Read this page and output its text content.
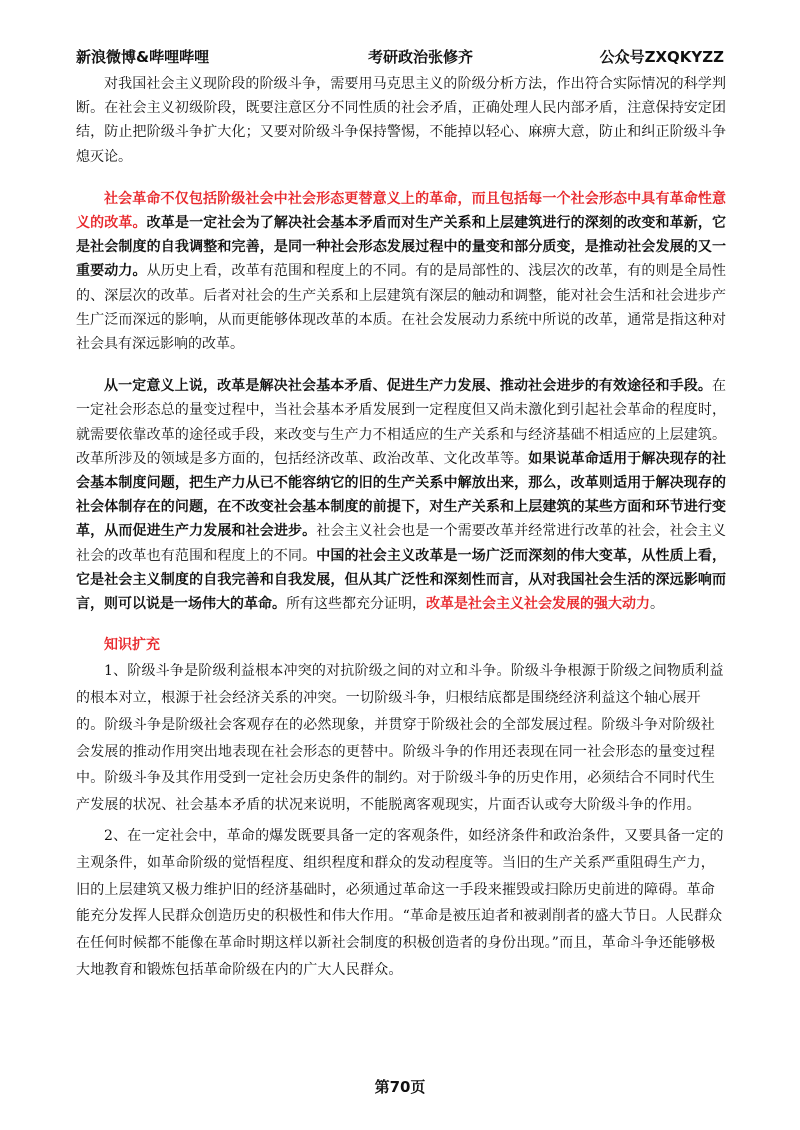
新浪微博&哔哩哔哩	考研政治张修齐	公众号ZXQKYZZ

对我国社会主义现阶段的阶级斗争，需要用马克思主义的阶级分析方法，作出符合实际情况的科学判断。在社会主义初级阶段，既要注意区分不同性质的社会矛盾，正确处理人民内部矛盾，注意保持安定团结，防止把阶级斗争扩大化；又要对阶级斗争保持警惕，不能掉以轻心、麻痹大意，防止和纠正阶级斗争熄灭论。

社会革命不仅包括阶级社会中社会形态更替意义上的革命，而且包括每一个社会形态中具有革命性意义的改革。改革是一定社会为了解决社会基本矛盾而对生产关系和上层建筑进行的深刻的改变和革新，它是社会制度的自我调整和完善，是同一种社会形态发展过程中的量变和部分质变，是推动社会发展的又一重要动力。从历史上看，改革有范围和程度上的不同。有的是局部性的、浅层次的改革，有的则是全局性的、深层次的改革。后者对社会的生产关系和上层建筑有深层的触动和调整，能对社会生活和社会进步产生广泛而深远的影响，从而更能够体现改革的本质。在社会发展动力系统中所说的改革，通常是指这种对社会具有深远影响的改革。

从一定意义上说，改革是解决社会基本矛盾、促进生产力发展、推动社会进步的有效途径和手段。在一定社会形态总的量变过程中，当社会基本矛盾发展到一定程度但又尚未激化到引起社会革命的程度时，就需要依靠改革的途径或手段，来改变与生产力不相适应的生产关系和与经济基础不相适应的上层建筑。改革所涉及的领域是多方面的，包括经济改革、政治改革、文化改革等。如果说革命适用于解决现存的社会基本制度问题，把生产力从已不能容纳它的旧的生产关系中解放出来，那么，改革则适用于解决现存的社会体制存在的问题，在不改变社会基本制度的前提下，对生产关系和上层建筑的某些方面和环节进行变革，从而促进生产力发展和社会进步。社会主义社会也是一个需要改革并经常进行改革的社会，社会主义社会的改革也有范围和程度上的不同。中国的社会主义改革是一场广泛而深刻的伟大变革，从性质上看，它是社会主义制度的自我完善和自我发展，但从其广泛性和深刻性而言，从对我国社会生活的深远影响而言，则可以说是一场伟大的革命。所有这些都充分证明，改革是社会主义社会发展的强大动力。

知识扩充

1、阶级斗争是阶级利益根本冲突的对抗阶级之间的对立和斗争。阶级斗争根源于阶级之间物质利益的根本对立，根源于社会经济关系的冲突。一切阶级斗争，归根结底都是围绕经济利益这个轴心展开的。阶级斗争是阶级社会客观存在的必然现象，并贯穿于阶级社会的全部发展过程。阶级斗争对阶级社会发展的推动作用突出地表现在社会形态的更替中。阶级斗争的作用还表现在同一社会形态的量变过程中。阶级斗争及其作用受到一定社会历史条件的制约。对于阶级斗争的历史作用，必须结合不同时代生产发展的状况、社会基本矛盾的状况来说明，不能脱离客观现实，片面否认或夸大阶级斗争的作用。

2、在一定社会中，革命的爆发既要具备一定的客观条件，如经济条件和政治条件，又要具备一定的主观条件，如革命阶级的觉悟程度、组织程度和群众的发动程度等。当旧的生产关系严重阻碍生产力，旧的上层建筑又极力维护旧的经济基础时，必须通过革命这一手段来摧毁或扫除历史前进的障碍。革命能充分发挥人民群众创造历史的积极性和伟大作用。“革命是被压迫者和被剥削者的盛大节日。人民群众在任何时候都不能像在革命时期这样以新社会制度的积极创造者的身份出现。”而且，革命斗争还能够极大地教育和锻炼包括革命阶级在内的广大人民群众。

第70页
